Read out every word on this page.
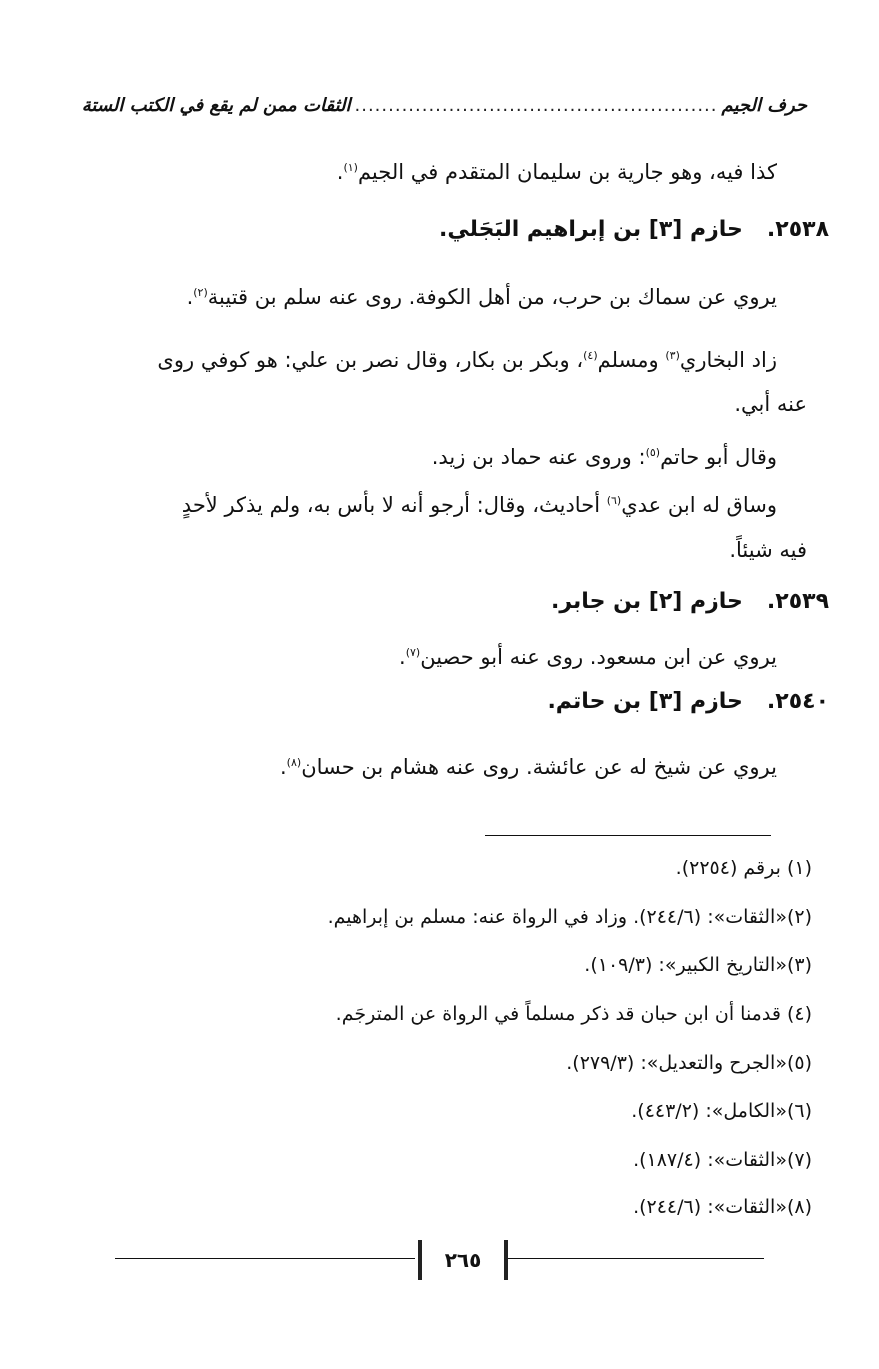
حرف الجيم
......................................................
الثقات ممن لم يقع في الكتب الستة
كذا فيه، وهو جارية بن سليمان المتقدم في الجيم$^{(١)}$.
٢٥٣٨.حازم [٣] بن إبراهيم البَجَلي.
يروي عن سماك بن حرب، من أهل الكوفة. روى عنه سلم بن قتيبة$^{(٢)}$.
زاد البخاري$^{(٣)}$ ومسلم$^{(٤)}$، وبكر بن بكار، وقال نصر بن علي: هو كوفي روى
عنه أبي.
وقال أبو حاتم$^{(٥)}$: وروى عنه حماد بن زيد.
وساق له ابن عدي$^{(٦)}$ أحاديث، وقال: أرجو أنه لا بأس به، ولم يذكر لأحدٍ
فيه شيئاً.
٢٥٣٩.حازم [٢] بن جابر.
يروي عن ابن مسعود. روى عنه أبو حصين$^{(٧)}$.
٢٥٤٠.حازم [٣] بن حاتم.
يروي عن شيخ له عن عائشة. روى عنه هشام بن حسان$^{(٨)}$.
(١) برقم (٢٢٥٤).
(٢)«الثقات»: (٢٤٤/٦). وزاد في الرواة عنه: مسلم بن إبراهيم.
(٣)«التاريخ الكبير»: (١٠٩/٣).
(٤) قدمنا أن ابن حبان قد ذكر مسلماً في الرواة عن المترجَم.
(٥)«الجرح والتعديل»: (٢٧٩/٣).
(٦)«الكامل»: (٤٤٣/٢).
(٧)«الثقات»: (١٨٧/٤).
(٨)«الثقات»: (٢٤٤/٦).
٢٦٥
